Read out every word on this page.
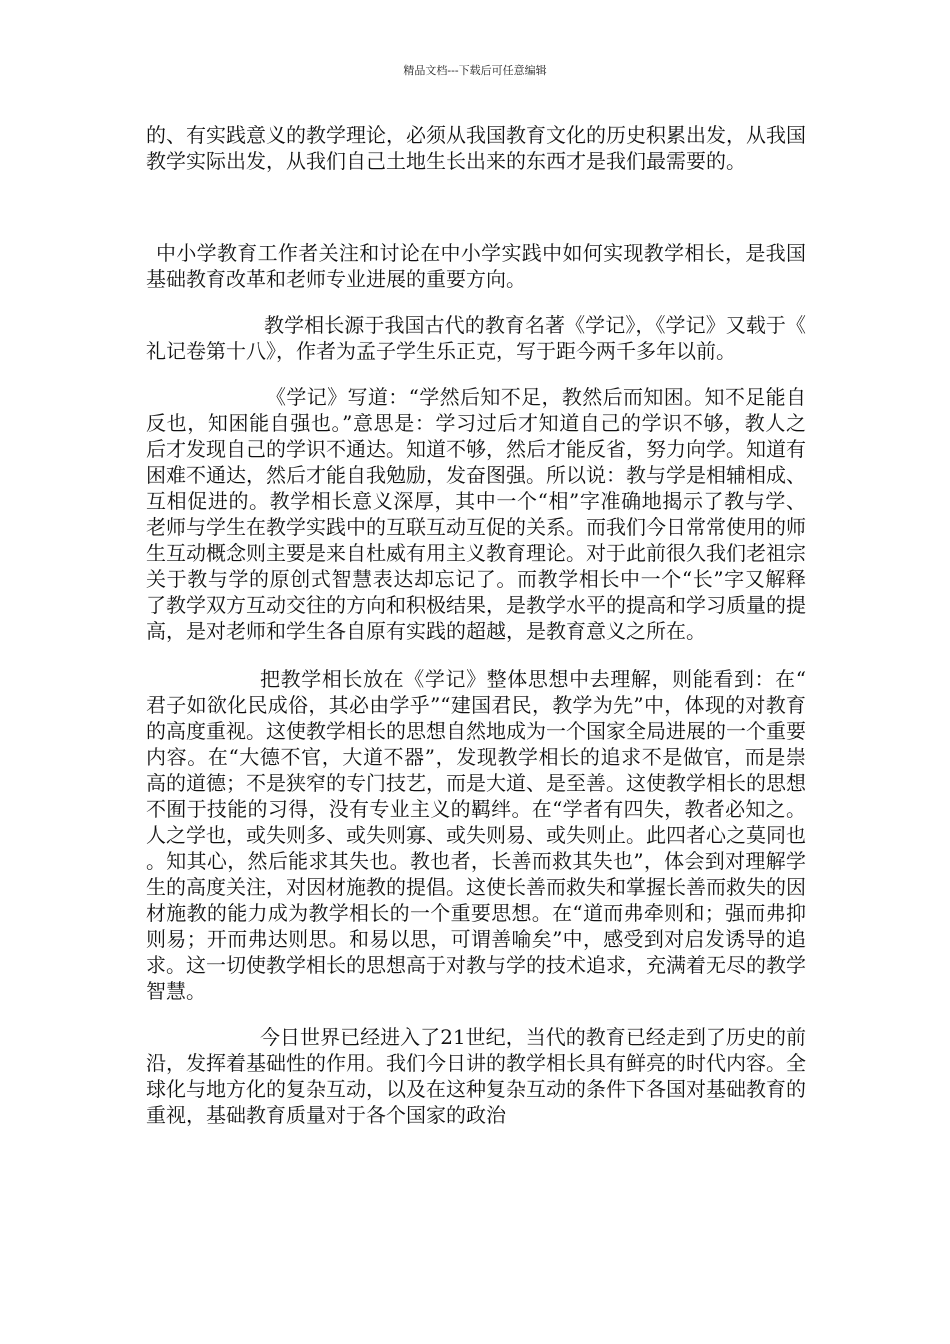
精品文档---下载后可任意编辑

的、有实践意义的教学理论，必须从我国教育文化的历史积累出发，从我国教学实际出发，从我们自己土地生长出来的东西才是我们最需要的。

中小学教育工作者关注和讨论在中小学实践中如何实现教学相长，是我国基础教育改革和老师专业进展的重要方向。

教学相长源于我国古代的教育名著《学记》，《学记》又载于《礼记卷第十八》，作者为孟子学生乐正克，写于距今两千多年以前。

《学记》写道：“学然后知不足，教然后而知困。知不足能自反也，知困能自强也。”意思是：学习过后才知道自己的学识不够，教人之后才发现自己的学识不通达。知道不够，然后才能反省，努力向学。知道有困难不通达，然后才能自我勉励，发奋图强。所以说：教与学是相辅相成、互相促进的。教学相长意义深厚，其中一个“相”字准确地揭示了教与学、老师与学生在教学实践中的互联互动互促的关系。而我们今日常常使用的师生互动概念则主要是来自杜威有用主义教育理论。对于此前很久我们老祖宗关于教与学的原创式智慧表达却忘记了。而教学相长中一个“长”字又解释了教学双方互动交往的方向和积极结果，是教学水平的提高和学习质量的提高，是对老师和学生各自原有实践的超越，是教育意义之所在。

把教学相长放在《学记》整体思想中去理解，则能看到：在“君子如欲化民成俗，其必由学乎”“建国君民，教学为先”中，体现的对教育的高度重视。这使教学相长的思想自然地成为一个国家全局进展的一个重要内容。在“大德不官，大道不器”，发现教学相长的追求不是做官，而是崇高的道德；不是狭窄的专门技艺，而是大道、是至善。这使教学相长的思想不囿于技能的习得，没有专业主义的羁绊。在“学者有四失，教者必知之。人之学也，或失则多、或失则寡、或失则易、或失则止。此四者心之莫同也。知其心，然后能求其失也。教也者，长善而救其失也”，体会到对理解学生的高度关注，对因材施教的提倡。这使长善而救失和掌握长善而救失的因材施教的能力成为教学相长的一个重要思想。在“道而弗牵则和；强而弗抑则易；开而弗达则思。和易以思，可谓善喻矣”中，感受到对启发诱导的追求。这一切使教学相长的思想高于对教与学的技术追求，充满着无尽的教学智慧。

今日世界已经进入了21世纪，当代的教育已经走到了历史的前沿，发挥着基础性的作用。我们今日讲的教学相长具有鲜亮的时代内容。全球化与地方化的复杂互动，以及在这种复杂互动的条件下各国对基础教育的重视，基础教育质量对于各个国家的政治
